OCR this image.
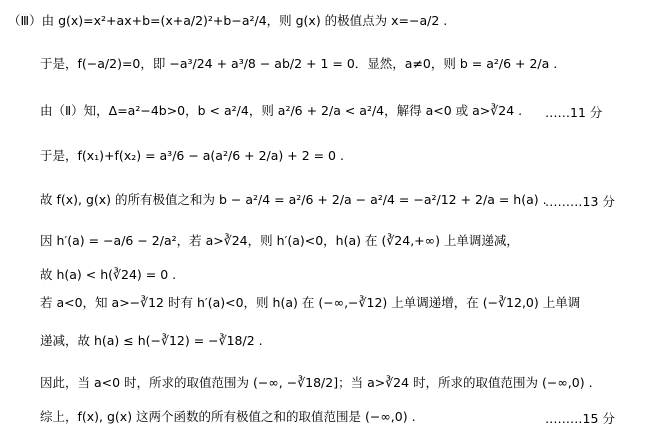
（Ⅲ）由 g(x)=x²+ax+b=(x+a/2)²+b−a²/4，则 g(x) 的极值点为 x=−a/2 .
于是，f(−a/2)=0，即 −a³/24 + a³/8 − ab/2 + 1 = 0．显然，a≠0，则 b = a²/6 + 2/a .
由（Ⅱ）知，Δ=a²−4b>0，b < a²/4，则 a²/6 + 2/a < a²/4，解得 a<0 或 a>∛24 . ……11 分
于是，f(x₁)+f(x₂) = a³/6 − a(a²/6 + 2/a) + 2 = 0 .
故 f(x), g(x) 的所有极值之和为 b − a²/4 = a²/6 + 2/a − a²/4 = −a²/12 + 2/a = h(a) .
………13 分
因 h′(a) = −a/6 − 2/a²，若 a>∛24，则 h′(a)<0，h(a) 在 (∛24,+∞) 上单调递减，
故 h(a) < h(∛24) = 0 .
若 a<0，知 a>−∛12 时有 h′(a)<0，则 h(a) 在 (−∞,−∛12) 上单调递增，在 (−∛12,0) 上单调
递减，故 h(a) ≤ h(−∛12) = −∛18/2 .
因此，当 a<0 时，所求的取值范围为 (−∞, −∛18/2]；当 a>∛24 时，所求的取值范围为 (−∞,0) .
综上，f(x), g(x) 这两个函数的所有极值之和的取值范围是 (−∞,0) .	………15 分
